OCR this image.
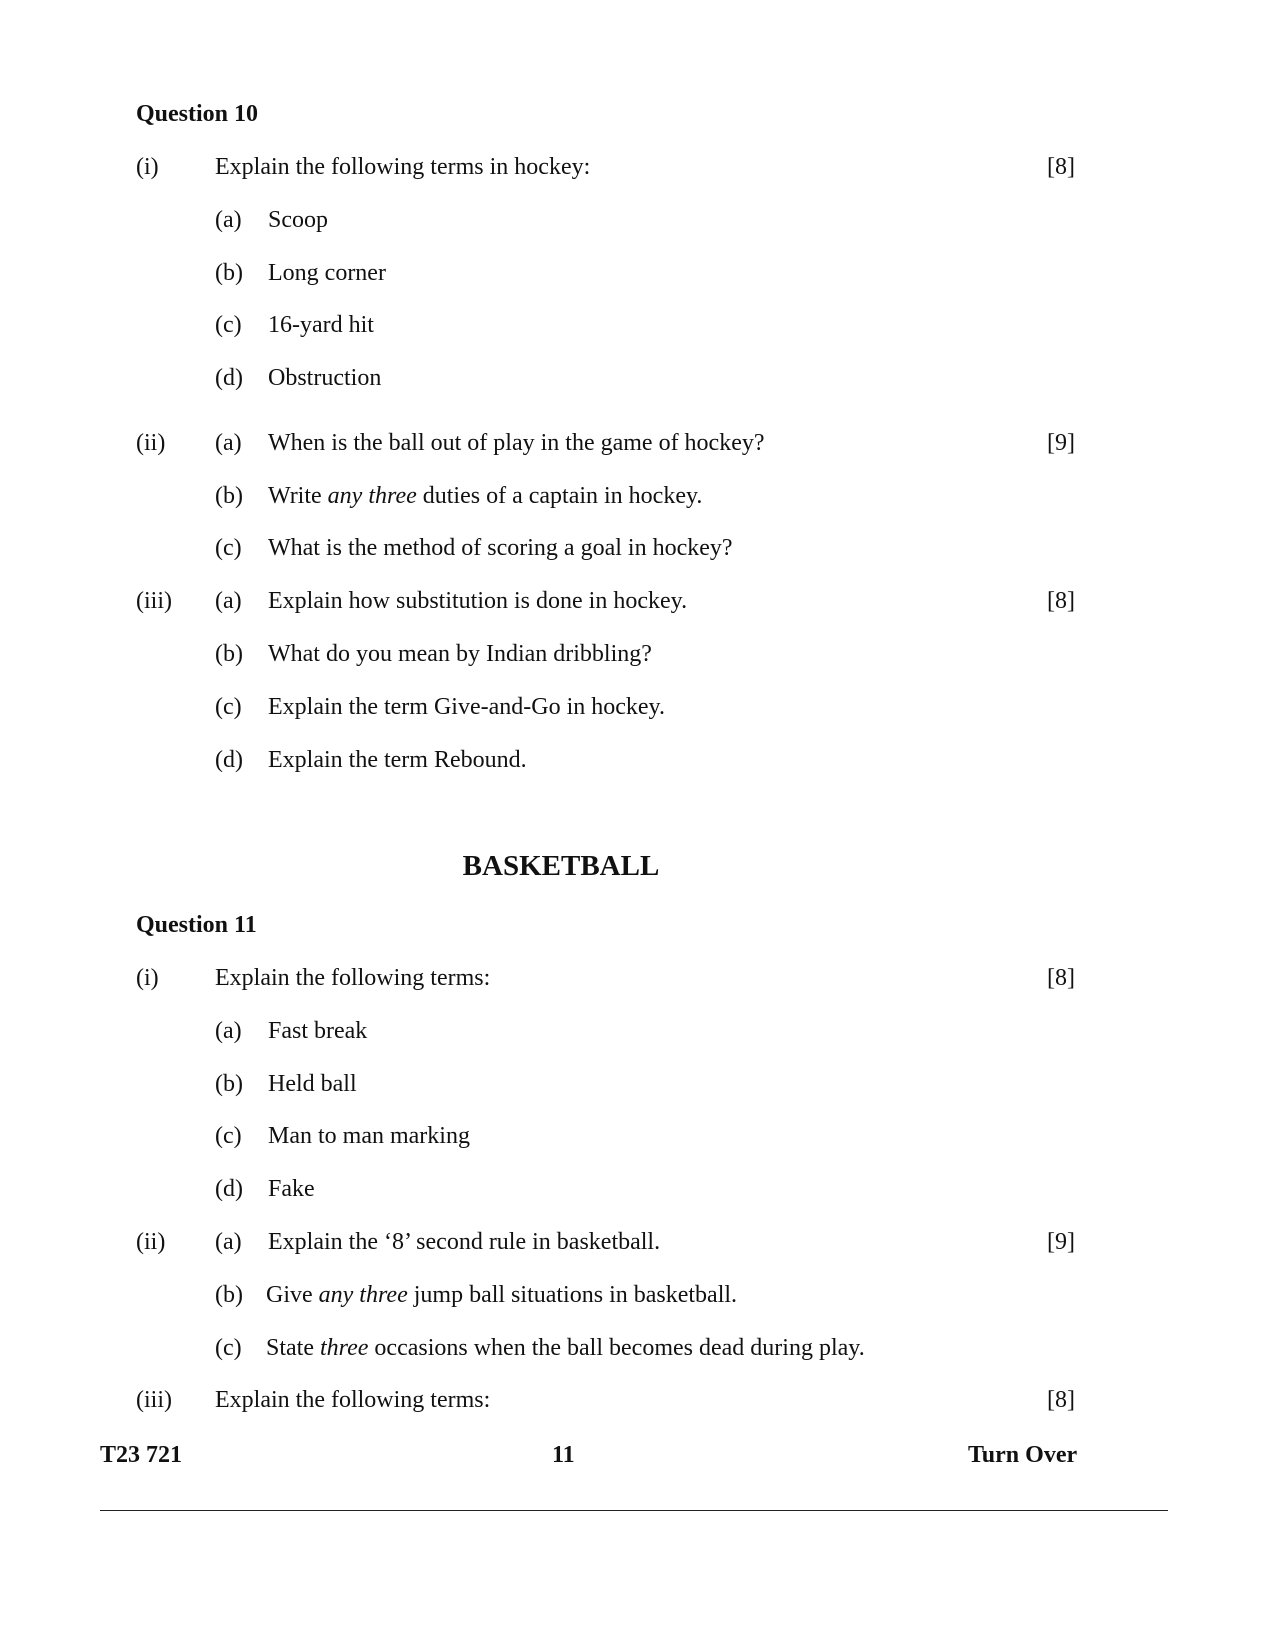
Question 10
(i) Explain the following terms in hockey:	[8]
(a) Scoop
(b) Long corner
(c) 16-yard hit
(d) Obstruction
(ii) (a) When is the ball out of play in the game of hockey?	[9]
(b) Write any three duties of a captain in hockey.
(c) What is the method of scoring a goal in hockey?
(iii) (a) Explain how substitution is done in hockey.	[8]
(b) What do you mean by Indian dribbling?
(c) Explain the term Give-and-Go in hockey.
(d) Explain the term Rebound.
BASKETBALL
Question 11
(i) Explain the following terms:	[8]
(a) Fast break
(b) Held ball
(c) Man to man marking
(d) Fake
(ii) (a) Explain the ‘8’ second rule in basketball.	[9]
(b) Give any three jump ball situations in basketball.
(c) State three occasions when the ball becomes dead during play.
(iii) Explain the following terms:	[8]
T23 721	11	Turn Over
